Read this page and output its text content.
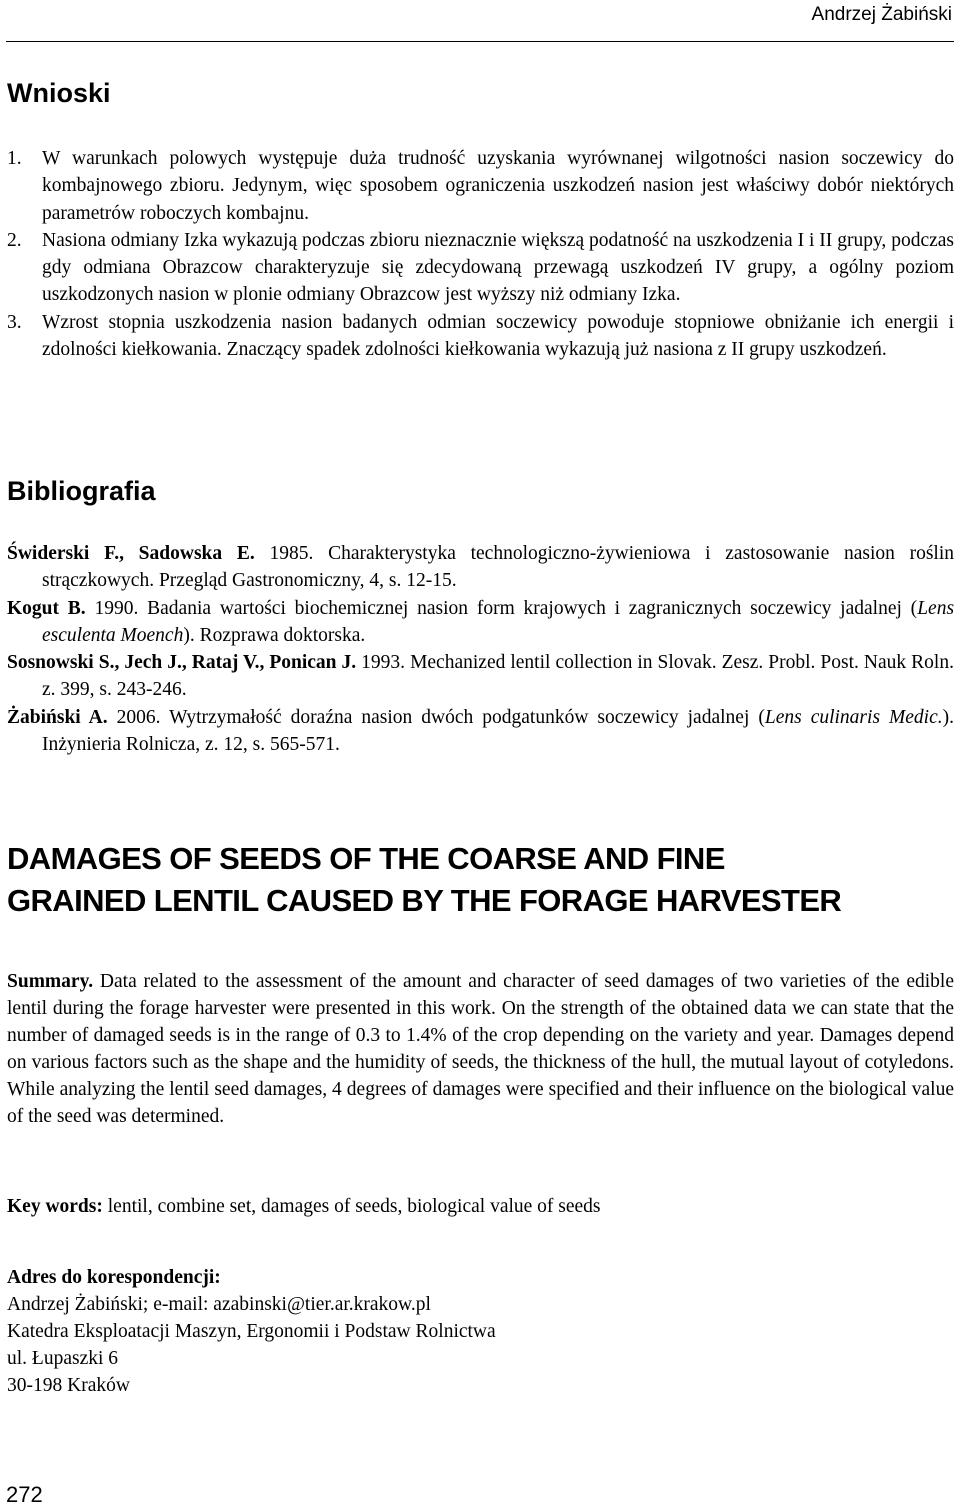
Andrzej Żabiński
Wnioski
1. W warunkach polowych występuje duża trudność uzyskania wyrównanej wilgotności nasion soczewicy do kombajnowego zbioru. Jedynym, więc sposobem ograniczenia uszkodzeń nasion jest właściwy dobór niektórych parametrów roboczych kombajnu.
2. Nasiona odmiany Izka wykazują podczas zbioru nieznacznie większą podatność na uszkodzenia I i II grupy, podczas gdy odmiana Obrazcow charakteryzuje się zdecydowaną przewagą uszkodzeń IV grupy, a ogólny poziom uszkodzonych nasion w plonie odmiany Obrazcow jest wyższy niż odmiany Izka.
3. Wzrost stopnia uszkodzenia nasion badanych odmian soczewicy powoduje stopniowe obniżanie ich energii i zdolności kiełkowania. Znaczący spadek zdolności kiełkowania wykazują już nasiona z II grupy uszkodzeń.
Bibliografia

Świderski F., Sadowska E. 1985. Charakterystyka technologiczno-żywieniowa i zastosowanie nasion roślin strączkowych. Przegląd Gastronomiczny, 4, s. 12-15.

Kogut B. 1990. Badania wartości biochemicznej nasion form krajowych i zagranicznych soczewicy jadalnej (Lens esculenta Moench). Rozprawa doktorska.

Sosnowski S., Jech J., Rataj V., Ponican J. 1993. Mechanized lentil collection in Slovak. Zesz. Probl. Post. Nauk Roln. z. 399, s. 243-246.

Żabiński A. 2006. Wytrzymałość doraźna nasion dwóch podgatunków soczewicy jadalnej (Lens culinaris Medic.). Inżynieria Rolnicza, z. 12, s. 565-571.

DAMAGES OF SEEDS OF THE COARSE AND FINE
GRAINED LENTIL CAUSED BY THE FORAGE HARVESTER

Summary. Data related to the assessment of the amount and character of seed damages of two varieties of the edible lentil during the forage harvester were presented in this work. On the strength of the obtained data we can state that the number of damaged seeds is in the range of 0.3 to 1.4% of the crop depending on the variety and year. Damages depend on various factors such as the shape and the humidity of seeds, the thickness of the hull, the mutual layout of cotyledons. While analyzing the lentil seed damages, 4 degrees of damages were specified and their influence on the biological value of the seed was determined.

Key words: lentil, combine set, damages of seeds, biological value of seeds

Adres do korespondencji:
Andrzej Żabiński; e-mail: azabinski@tier.ar.krakow.pl
Katedra Eksploatacji Maszyn, Ergonomii i Podstaw Rolnictwa
ul. Łupaszki 6
30-198 Kraków
272
